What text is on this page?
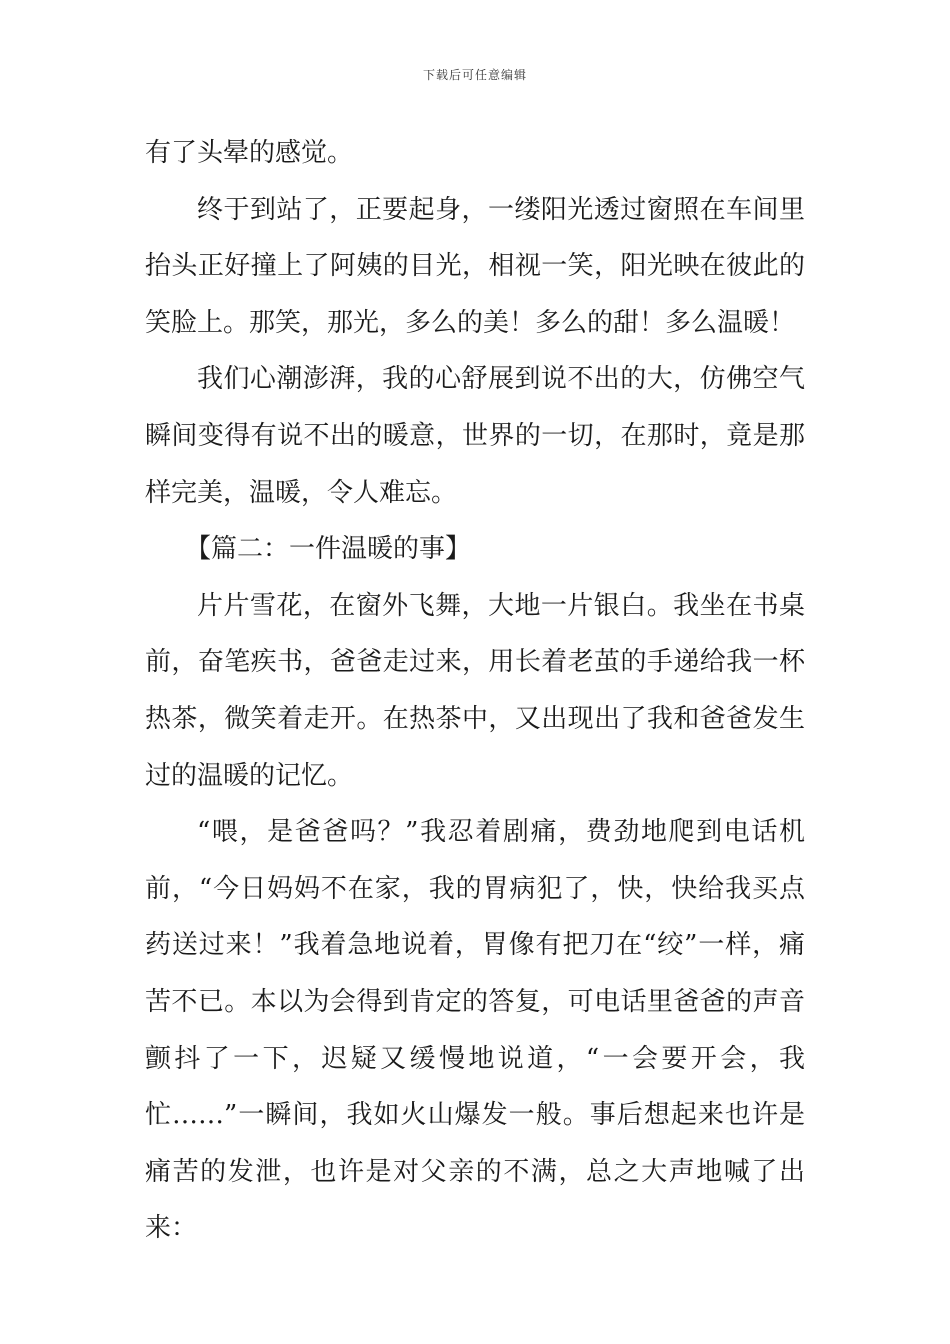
下载后可任意编辑

有了头晕的感觉。

终于到站了，正要起身，一缕阳光透过窗照在车间里抬头正好撞上了阿姨的目光，相视一笑，阳光映在彼此的笑脸上。那笑，那光，多么的美！多么的甜！多么温暖！

我们心潮澎湃，我的心舒展到说不出的大，仿佛空气瞬间变得有说不出的暖意，世界的一切，在那时，竟是那样完美，温暖，令人难忘。

【篇二：一件温暖的事】

片片雪花，在窗外飞舞，大地一片银白。我坐在书桌前，奋笔疾书，爸爸走过来，用长着老茧的手递给我一杯热茶，微笑着走开。在热茶中，又出现出了我和爸爸发生过的温暖的记忆。

“喂，是爸爸吗？”我忍着剧痛，费劲地爬到电话机前，“今日妈妈不在家，我的胃病犯了，快，快给我买点药送过来！”我着急地说着，胃像有把刀在“绞”一样，痛苦不已。本以为会得到肯定的答复，可电话里爸爸的声音颤抖了一下，迟疑又缓慢地说道，“一会要开会，我忙……”一瞬间，我如火山爆发一般。事后想起来也许是痛苦的发泄，也许是对父亲的不满，总之大声地喊了出来：
